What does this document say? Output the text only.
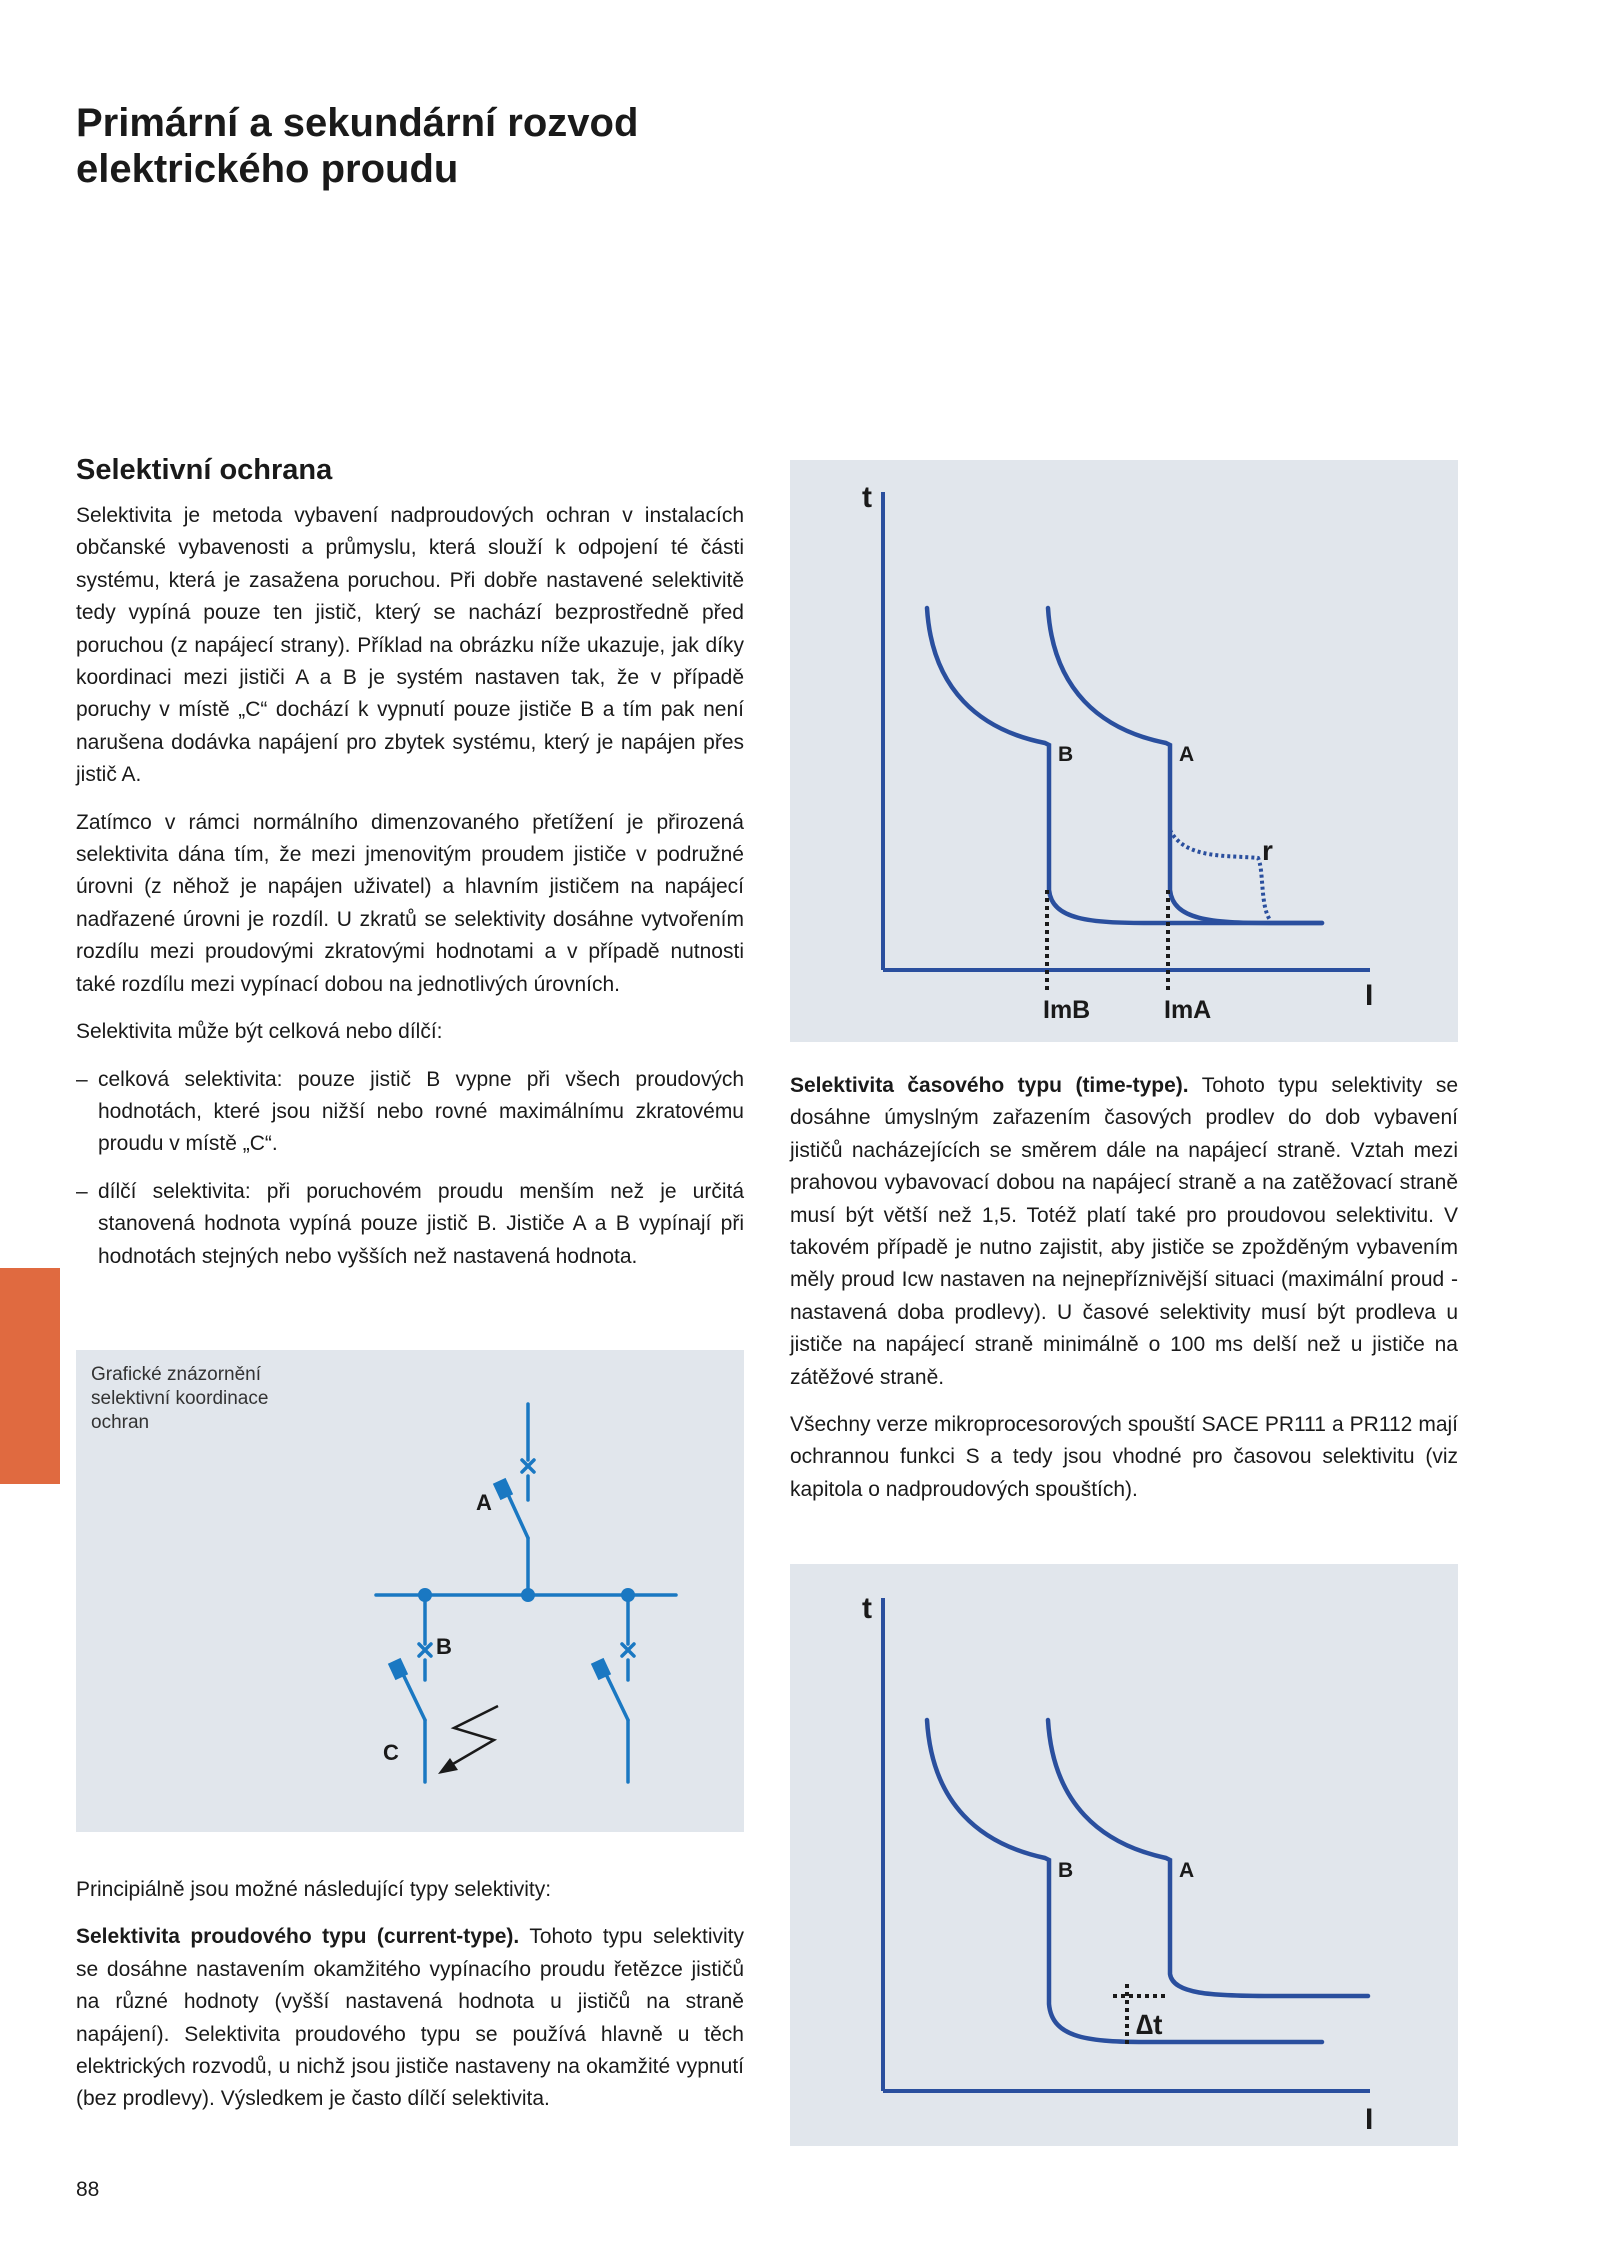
Primární a sekundární rozvod
elektrického proudu
Selektivní ochrana

Selektivita je metoda vybavení nadproudových ochran v instalacích občanské vybavenosti a průmyslu, která slouží k odpojení té části systému, která je zasažena poruchou. Při dobře nastavené selektivitě tedy vypíná pouze ten jistič, který se nachází bezprostředně před poruchou (z napájecí strany). Příklad na obrázku níže ukazuje, jak díky koordinaci mezi jističi A a B je systém nastaven tak, že v případě poruchy v místě „C“ dochází k vypnutí pouze jističe B a tím pak není narušena dodávka napájení pro zbytek systému, který je napájen přes jistič A.

Zatímco v rámci normálního dimenzovaného přetížení je přirozená selektivita dána tím, že mezi jmenovitým proudem jističe v podružné úrovni (z něhož je napájen uživatel) a hlavním jističem na napájecí nadřazené úrovni je rozdíl. U zkratů se selektivity dosáhne vytvořením rozdílu mezi proudovými zkratovými hodnotami a v případě nutnosti také rozdílu mezi vypínací dobou na jednotlivých úrovních.

Selektivita může být celková nebo dílčí:

– celková selektivita: pouze jistič B vypne při všech proudových hodnotách, které jsou nižší nebo rovné maximálnímu zkratovému proudu v místě „C“.
– dílčí selektivita: při poruchovém proudu menším než je určitá stanovená hodnota vypíná pouze jistič B. Jističe A a B vypínají při hodnotách stejných nebo vyšších než nastavená hodnota.
Grafické znázornění selektivní koordinace ochran
A
B
C

Principiálně jsou možné následující typy selektivity:

Selektivita proudového typu (current-type). Tohoto typu selektivity se dosáhne nastavením okamžitého vypínacího proudu řetězce jističů na různé hodnoty (vyšší nastavená hodnota u jističů na straně napájení). Selektivita proudového typu se používá hlavně u těch elektrických rozvodů, u nichž jsou jističe nastaveny na okamžité vypnutí (bez prodlevy). Výsledkem je často dílčí selektivita.

t
I
B	A
r
ImB	ImA

Selektivita časového typu (time-type). Tohoto typu selektivity se dosáhne úmyslným zařazením časových prodlev do dob vybavení jističů nacházejících se směrem dále na napájecí straně. Vztah mezi prahovou vybavovací dobou na napájecí straně a na zatěžovací straně musí být větší než 1,5. Totéž platí také pro proudovou selektivitu. V takovém případě je nutno zajistit, aby jističe se zpožděným vybavením měly proud Icw nastaven na nejnepříznivější situaci (maximální proud - nastavená doba prodlevy). U časové selektivity musí být prodleva u jističe na napájecí straně minimálně o 100 ms delší než u jističe na zátěžové straně.

Všechny verze mikroprocesorových spouští SACE PR111 a PR112 mají ochrannou funkci S a tedy jsou vhodné pro časovou selektivitu (viz kapitola o nadproudových spouštích).

t
I
B	A
∆t
88
